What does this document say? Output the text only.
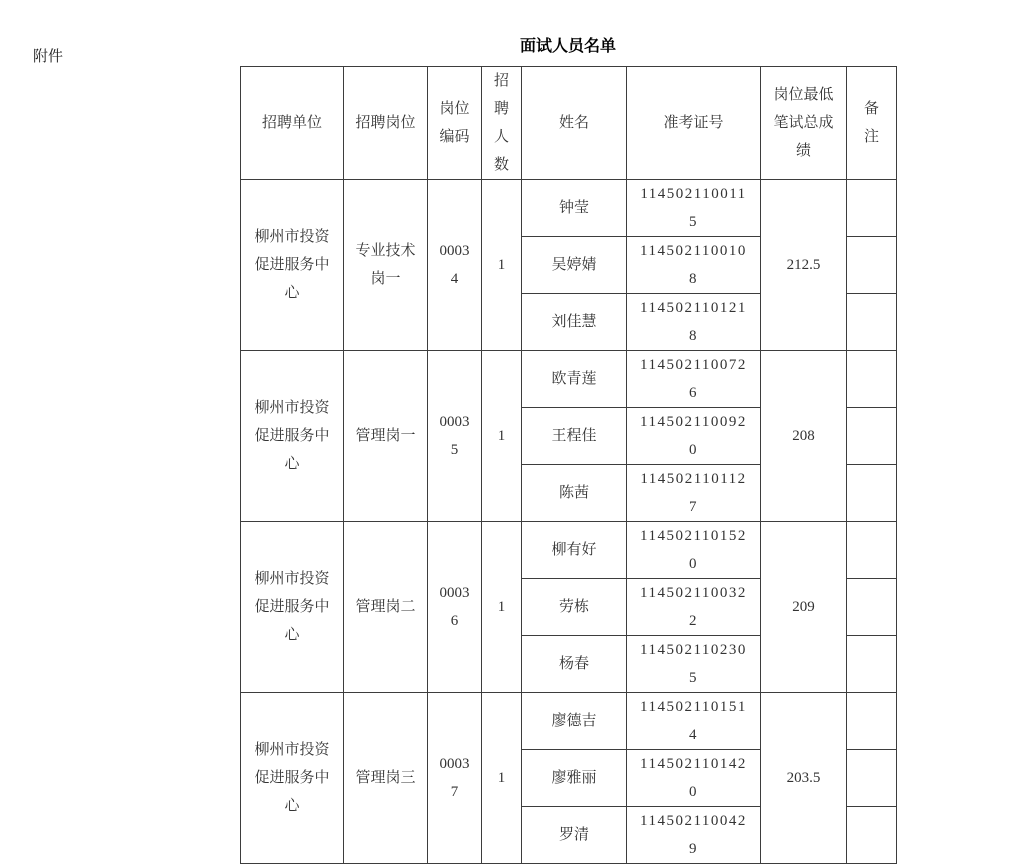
附件
面试人员名单
招聘单位	招聘岗位	岗位编码	招聘人数	姓名	准考证号	岗位最低笔试总成绩	备注
柳州市投资促进服务中心	专业技术岗一	00034	1	钟莹	1145021100115	212.5	
				吴婷婧	1145021100108		
				刘佳慧	1145021101218		
柳州市投资促进服务中心	管理岗一	00035	1	欧青莲	1145021100726	208	
				王程佳	1145021100920		
				陈茜	1145021101127		
柳州市投资促进服务中心	管理岗二	00036	1	柳有好	1145021101520	209	
				劳栋	1145021100322		
				杨春	1145021102305		
柳州市投资促进服务中心	管理岗三	00037	1	廖德吉	1145021101514	203.5	
				廖雅丽	1145021101420		
				罗清	1145021100429		
